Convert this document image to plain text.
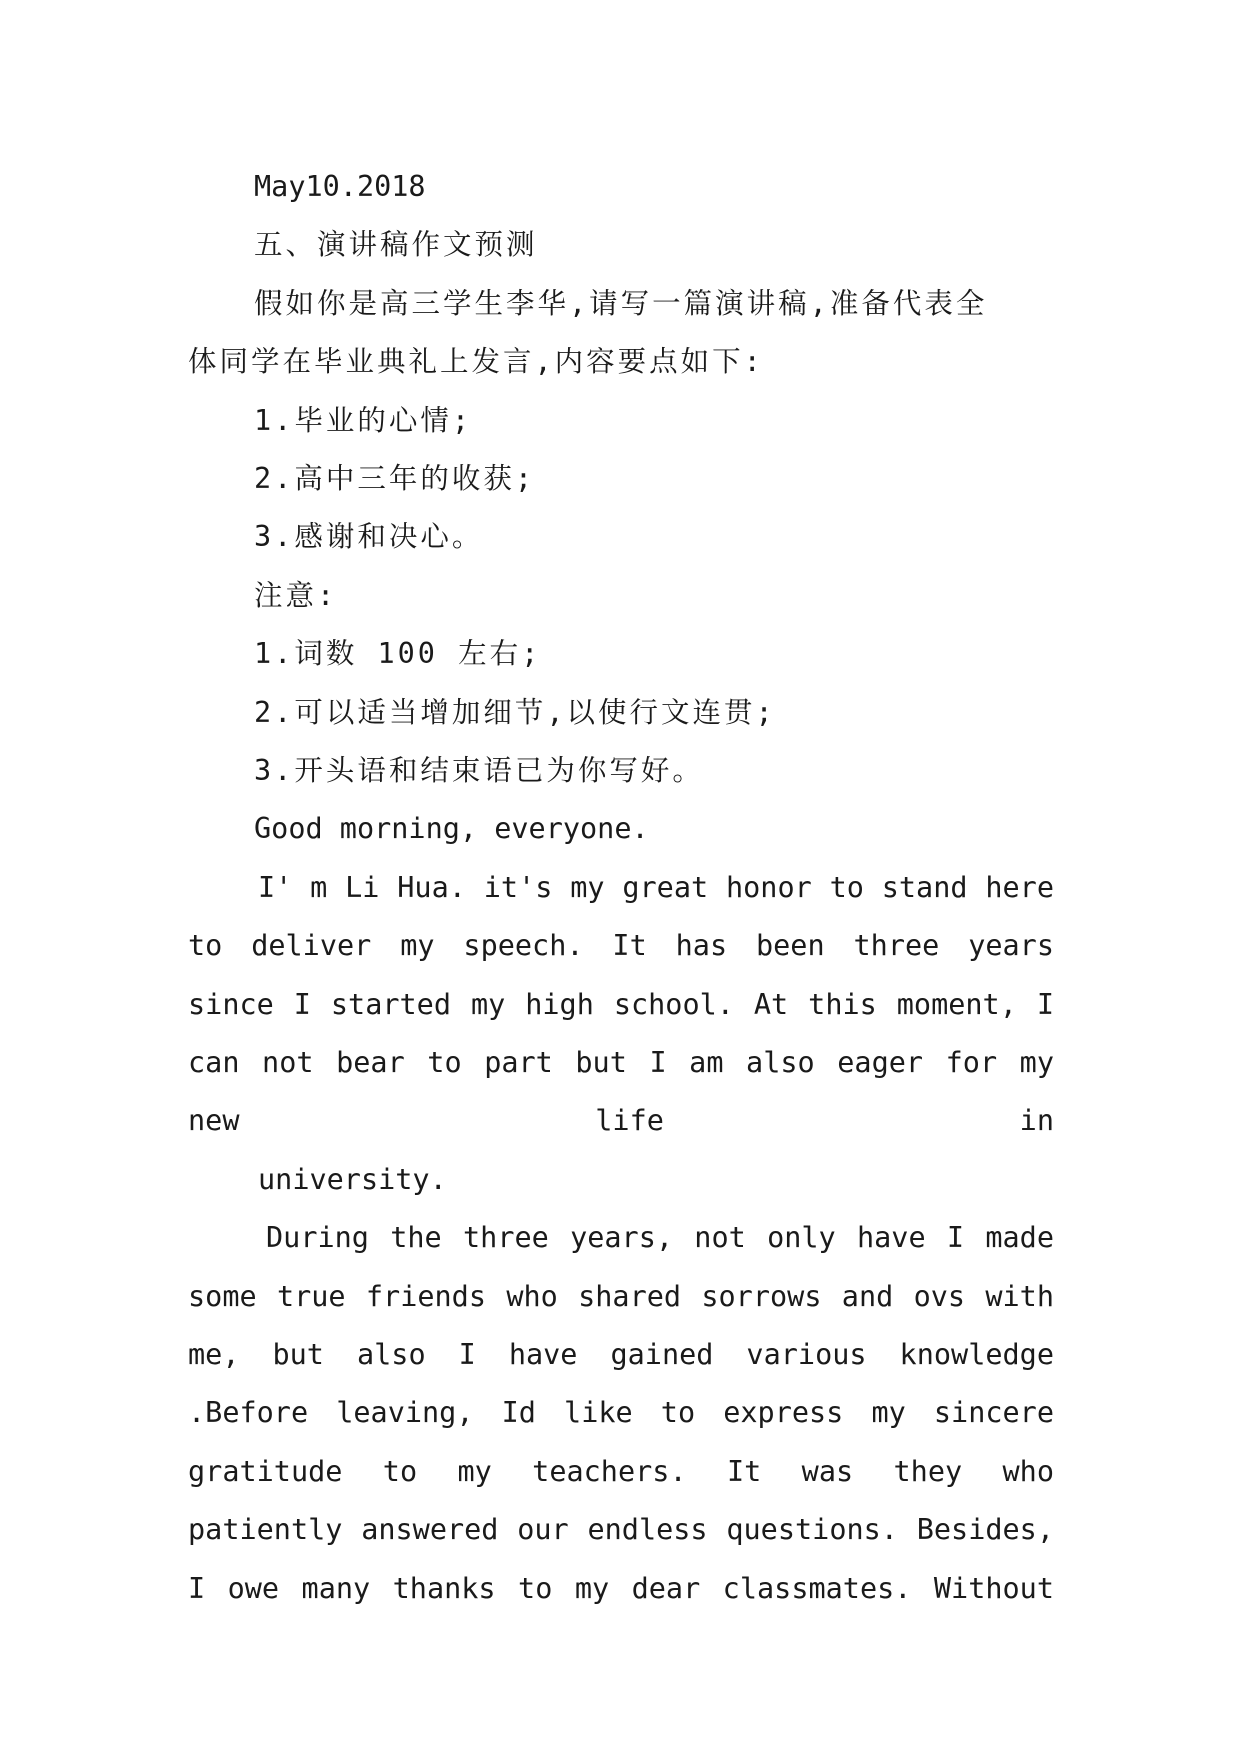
May10.2018
五、演讲稿作文预测
假如你是高三学生李华,请写一篇演讲稿,准备代表全
体同学在毕业典礼上发言,内容要点如下:
1.毕业的心情;
2.高中三年的收获;
3.感谢和决心。
注意:
1.词数 100 左右;
2.可以适当增加细节,以使行文连贯;
3.开头语和结束语已为你写好。
Good morning, everyone.

I' m Li Hua. it's my great honor to stand here to deliver my speech. It has been three years since I started my high school. At this moment, I can not bear to part but I am also eager for my new life in
university.

During the three years, not only have I made some true friends who shared sorrows and ovs with me, but also I have gained various knowledge .Before leaving, Id like to express my sincere gratitude to my teachers. It was they who patiently answered our endless questions. Besides, I owe many thanks to my dear classmates. Without
